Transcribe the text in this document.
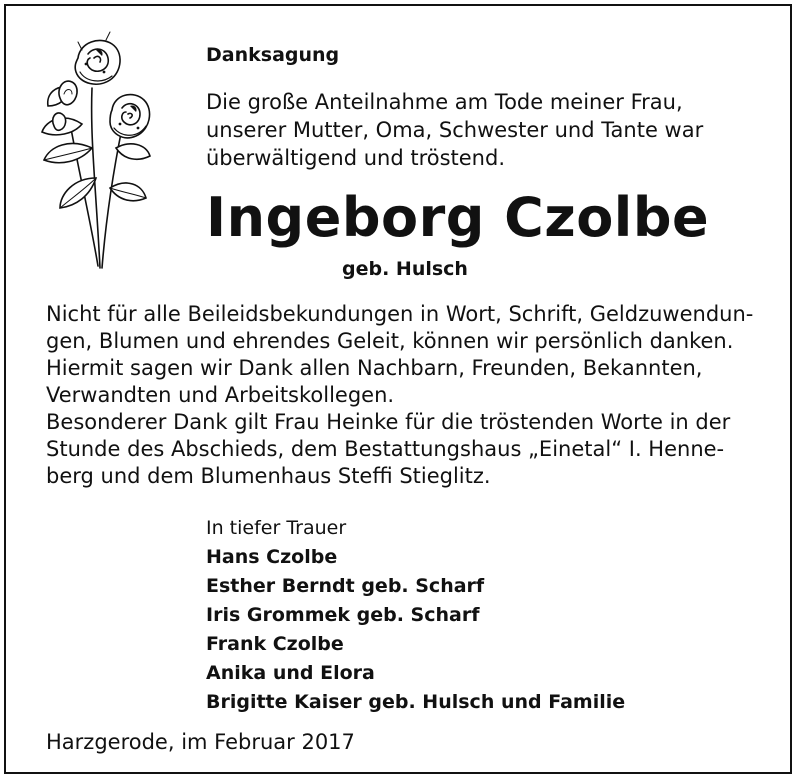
Danksagung
Die große Anteilnahme am Tode meiner Frau,
unserer Mutter, Oma, Schwester und Tante war
überwältigend und tröstend.
Ingeborg Czolbe
geb. Hulsch
Nicht für alle Beileidsbekundungen in Wort, Schrift, Geldzuwendun-
gen, Blumen und ehrendes Geleit, können wir persönlich danken.
Hiermit sagen wir Dank allen Nachbarn, Freunden, Bekannten,
Verwandten und Arbeitskollegen.
Besonderer Dank gilt Frau Heinke für die tröstenden Worte in der
Stunde des Abschieds, dem Bestattungshaus „Einetal“ I. Henne-
berg und dem Blumenhaus Steffi Stieglitz.
In tiefer Trauer
Hans Czolbe
Esther Berndt geb. Scharf
Iris Grommek geb. Scharf
Frank Czolbe
Anika und Elora
Brigitte Kaiser geb. Hulsch und Familie
Harzgerode, im Februar 2017
